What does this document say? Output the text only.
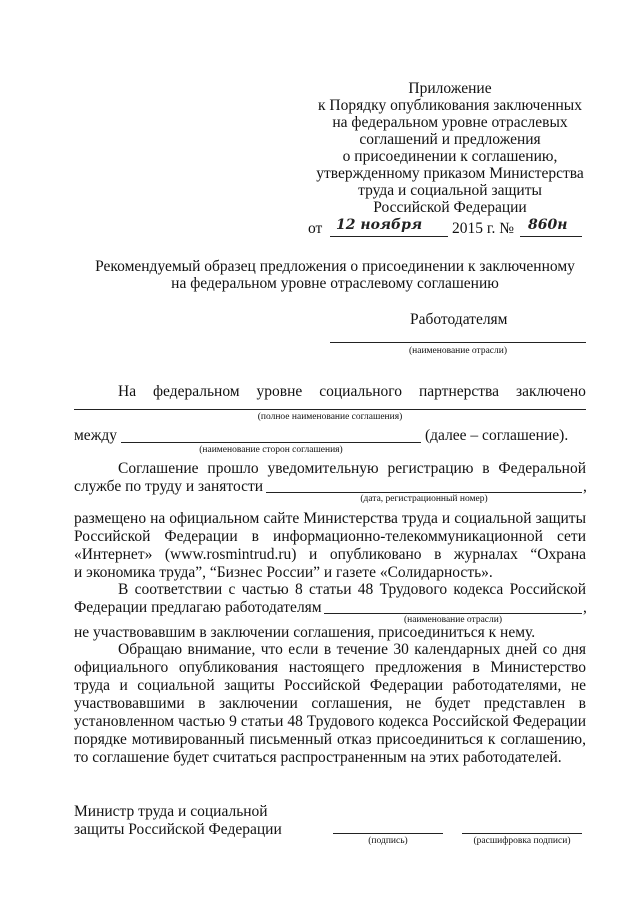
Приложение
к Порядку опубликования заключенных
на федеральном уровне отраслевых
соглашений и предложения
о присоединении к соглашению,
утвержденному приказом Министерства
труда и социальной защиты
Российской Федерации
от 12 ноября 2015 г. № 860н
Рекомендуемый образец предложения о присоединении к заключенному
на федеральном уровне отраслевому соглашению
Работодателям
(наименование отрасли)
На федеральном уровне социального партнерства заключено
(полное наименование соглашения)
между	(далее – соглашение).
(наименование сторон соглашения)
Соглашение прошло уведомительную регистрацию в Федеральной
службе по труду и занятости	,
(дата, регистрационный номер)
размещено на официальном сайте Министерства труда и социальной защиты
Российской Федерации в информационно-телекоммуникационной сети
«Интернет» (www.rosmintrud.ru) и опубликовано в журналах “Охрана
и экономика труда”, “Бизнес России” и газете «Солидарность».
В соответствии с частью 8 статьи 48 Трудового кодекса Российской
Федерации предлагаю работодателям	,
(наименование отрасли)
не участвовавшим в заключении соглашения, присоединиться к нему.
Обращаю внимание, что если в течение 30 календарных дней со дня
официального опубликования настоящего предложения в Министерство
труда и социальной защиты Российской Федерации работодателями, не
участвовавшими в заключении соглашения, не будет представлен в
установленном частью 9 статьи 48 Трудового кодекса Российской Федерации
порядке мотивированный письменный отказ присоединиться к соглашению,
то соглашение будет считаться распространенным на этих работодателей.
Министр труда и социальной
защиты Российской Федерации
(подпись)	(расшифровка подписи)
